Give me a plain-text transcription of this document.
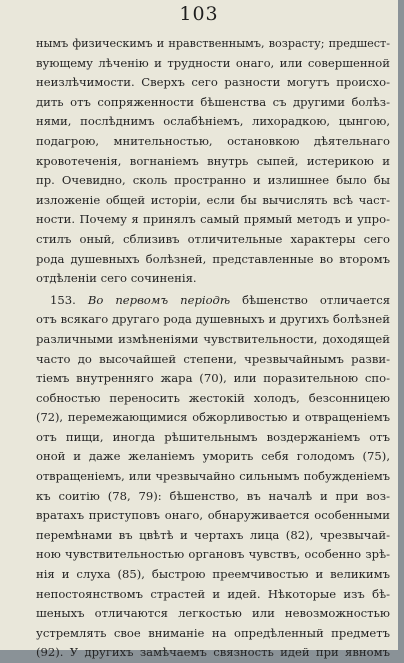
103
нымъ физическимъ и нравственнымъ, возрасту; предшест-
вующему лѣченію и трудности онаго, или совершенной
неизлѣчимости. Сверхъ сего разности могутъ происхо-
дить отъ сопряженности бѣшенства съ другими болѣз-
нями, послѣднимъ ослабѣніемъ, лихорадкою, цынгою,
подагрою, мнительностью, остановкою дѣятельнаго
кровотеченія, вогнаніемъ внутрь сыпей, истерикою и
пр. Очевидно, сколь пространно и излишнее было бы
изложеніе общей исторіи, если бы вычислять всѣ част-
ности. Почему я принялъ самый прямый методъ и упро-
стилъ оный, сблизивъ отличительные характеры сего
рода душевныхъ болѣзней, представленные во второмъ
отдѣленіи сего сочиненія.
153. Во первомъ періодѣ бѣшенство отличается
отъ всякаго другаго рода душевныхъ и другихъ болѣзней
различными измѣненіями чувствительности, доходящей
часто до высочайшей степени, чрезвычайнымъ разви-
тіемъ внутренняго жара (70), или поразительною спо-
собностью переносить жестокій холодъ, безсонницею
(72), перемежающимися обжорливостью и отвращеніемъ
отъ пищи, иногда рѣшительнымъ воздержаніемъ отъ
оной и даже желаніемъ уморить себя голодомъ (75),
отвращеніемъ, или чрезвычайно сильнымъ побужденіемъ
къ соитію (78, 79): бѣшенство, въ началѣ и при воз-
вратахъ приступовъ онаго, обнаруживается особенными
перемѣнами въ цвѣтѣ и чертахъ лица (82), чрезвычай-
ною чувствительностью органовъ чувствъ, особенно зрѣ-
нія и слуха (85), быстрою преемчивостью и великимъ
непостоянствомъ страстей и идей. Нѣкоторые изъ бѣ-
шеныхъ отличаются легкостью или невозможностью
устремлять свое вниманіе на опредѣленный предметъ
(92). У другихъ замѣчаемъ связность идей при явномъ
